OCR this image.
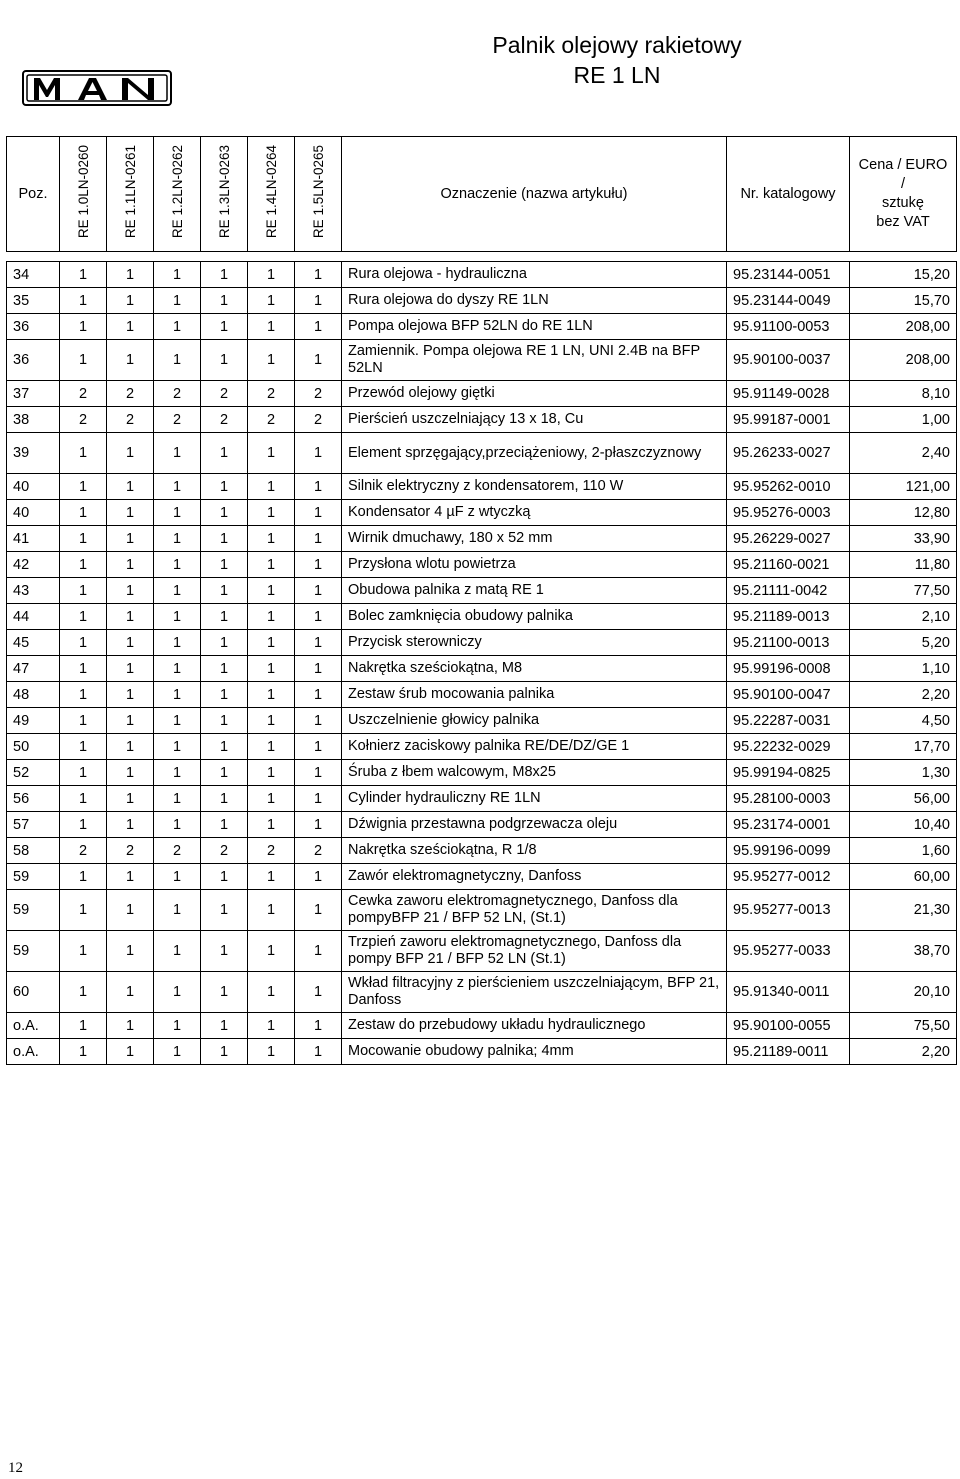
Palnik olejowy rakietowy
RE 1 LN
Poz.	RE 1.0LN-0260	RE 1.1LN-0261	RE 1.2LN-0262	RE 1.3LN-0263	RE 1.4LN-0264	RE 1.5LN-0265	Oznaczenie (nazwa artykułu)	Nr. katalogowy	Cena / EURO /
sztukę
bez VAT

34	1	1	1	1	1	1	Rura olejowa - hydrauliczna	95.23144-0051	15,20
35	1	1	1	1	1	1	Rura olejowa do dyszy RE 1LN	95.23144-0049	15,70
36	1	1	1	1	1	1	Pompa olejowa BFP 52LN do RE 1LN	95.91100-0053	208,00
36	1	1	1	1	1	1	Zamiennik. Pompa olejowa RE 1 LN, UNI 2.4B na BFP 52LN	95.90100-0037	208,00
37	2	2	2	2	2	2	Przewód olejowy giętki	95.91149-0028	8,10
38	2	2	2	2	2	2	Pierścień uszczelniający 13 x 18, Cu	95.99187-0001	1,00
39	1	1	1	1	1	1	Element sprzęgający,przeciążeniowy, 2-płaszczyznowy	95.26233-0027	2,40
40	1	1	1	1	1	1	Silnik elektryczny z kondensatorem, 110 W	95.95262-0010	121,00
40	1	1	1	1	1	1	Kondensator 4 µF z wtyczką	95.95276-0003	12,80
41	1	1	1	1	1	1	Wirnik dmuchawy, 180 x 52 mm	95.26229-0027	33,90
42	1	1	1	1	1	1	Przysłona wlotu powietrza	95.21160-0021	11,80
43	1	1	1	1	1	1	Obudowa palnika z matą RE 1	95.21111-0042	77,50
44	1	1	1	1	1	1	Bolec zamknięcia obudowy palnika	95.21189-0013	2,10
45	1	1	1	1	1	1	Przycisk sterowniczy	95.21100-0013	5,20
47	1	1	1	1	1	1	Nakrętka sześciokątna, M8	95.99196-0008	1,10
48	1	1	1	1	1	1	Zestaw śrub mocowania palnika	95.90100-0047	2,20
49	1	1	1	1	1	1	Uszczelnienie głowicy palnika	95.22287-0031	4,50
50	1	1	1	1	1	1	Kołnierz zaciskowy palnika RE/DE/DZ/GE 1	95.22232-0029	17,70
52	1	1	1	1	1	1	Śruba z łbem walcowym, M8x25	95.99194-0825	1,30
56	1	1	1	1	1	1	Cylinder hydrauliczny RE 1LN	95.28100-0003	56,00
57	1	1	1	1	1	1	Dźwignia przestawna podgrzewacza oleju	95.23174-0001	10,40
58	2	2	2	2	2	2	Nakrętka sześciokątna, R 1/8	95.99196-0099	1,60
59	1	1	1	1	1	1	Zawór elektromagnetyczny, Danfoss	95.95277-0012	60,00
59	1	1	1	1	1	1	Cewka zaworu elektromagnetycznego, Danfoss dla pompyBFP 21 / BFP 52 LN, (St.1)	95.95277-0013	21,30
59	1	1	1	1	1	1	Trzpień zaworu elektromagnetycznego, Danfoss dla pompy BFP 21 / BFP 52 LN (St.1)	95.95277-0033	38,70
60	1	1	1	1	1	1	Wkład filtracyjny z pierścieniem uszczelniającym, BFP 21, Danfoss	95.91340-0011	20,10
o.A.	1	1	1	1	1	1	Zestaw do przebudowy układu hydraulicznego	95.90100-0055	75,50
o.A.	1	1	1	1	1	1	Mocowanie obudowy palnika; 4mm	95.21189-0011	2,20
12
